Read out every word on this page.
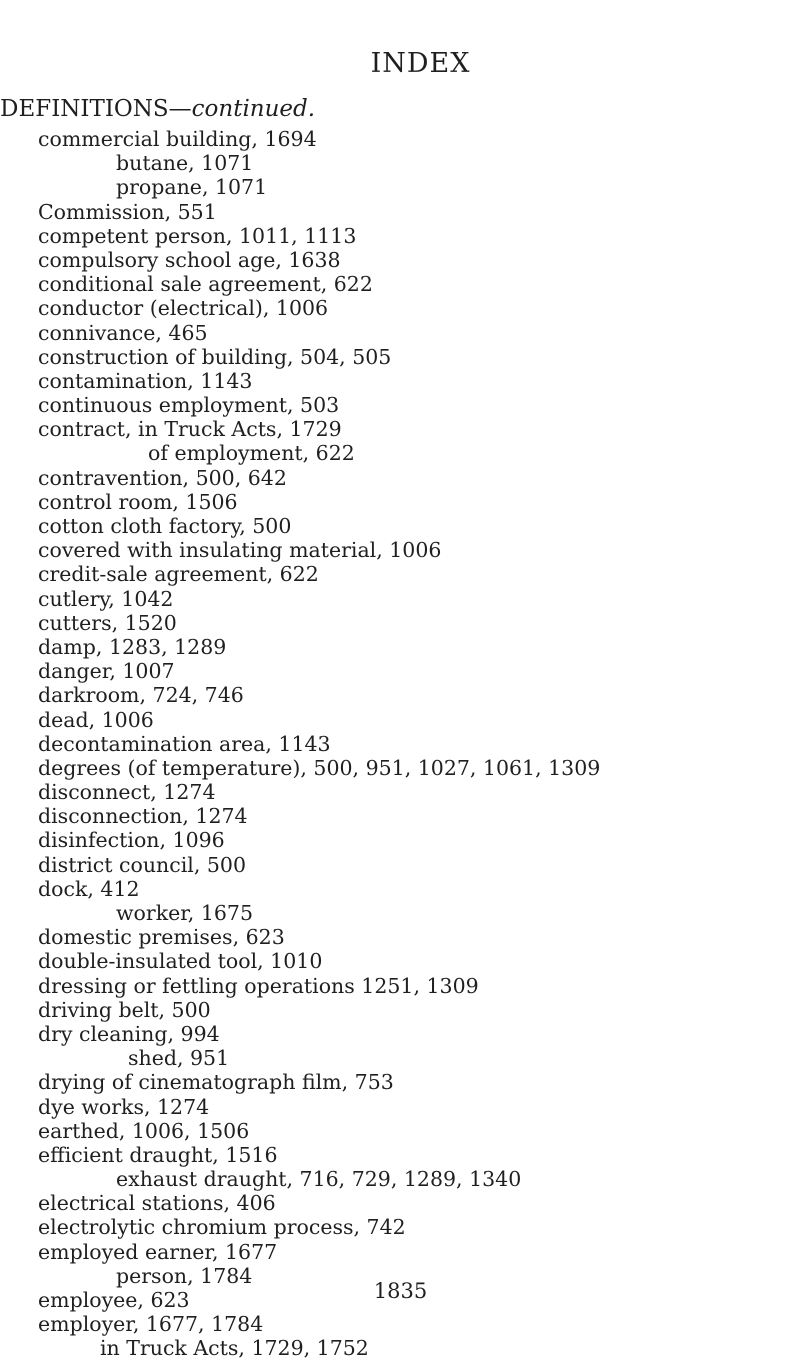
INDEX
DEFINITIONS—continued.
commercial building, 1694
butane, 1071
propane, 1071
Commission, 551
competent person, 1011, 1113
compulsory school age, 1638
conditional sale agreement, 622
conductor (electrical), 1006
connivance, 465
construction of building, 504, 505
contamination, 1143
continuous employment, 503
contract, in Truck Acts, 1729
of employment, 622
contravention, 500, 642
control room, 1506
cotton cloth factory, 500
covered with insulating material, 1006
credit-sale agreement, 622
cutlery, 1042
cutters, 1520
damp, 1283, 1289
danger, 1007
darkroom, 724, 746
dead, 1006
decontamination area, 1143
degrees (of temperature), 500, 951, 1027, 1061, 1309
disconnect, 1274
disconnection, 1274
disinfection, 1096
district council, 500
dock, 412
worker, 1675
domestic premises, 623
double-insulated tool, 1010
dressing or fettling operations 1251, 1309
driving belt, 500
dry cleaning, 994
shed, 951
drying of cinematograph film, 753
dye works, 1274
earthed, 1006, 1506
efficient draught, 1516
exhaust draught, 716, 729, 1289, 1340
electrical stations, 406
electrolytic chromium process, 742
employed earner, 1677
person, 1784
employee, 623
employer, 1677, 1784
in Truck Acts, 1729, 1752
1835
